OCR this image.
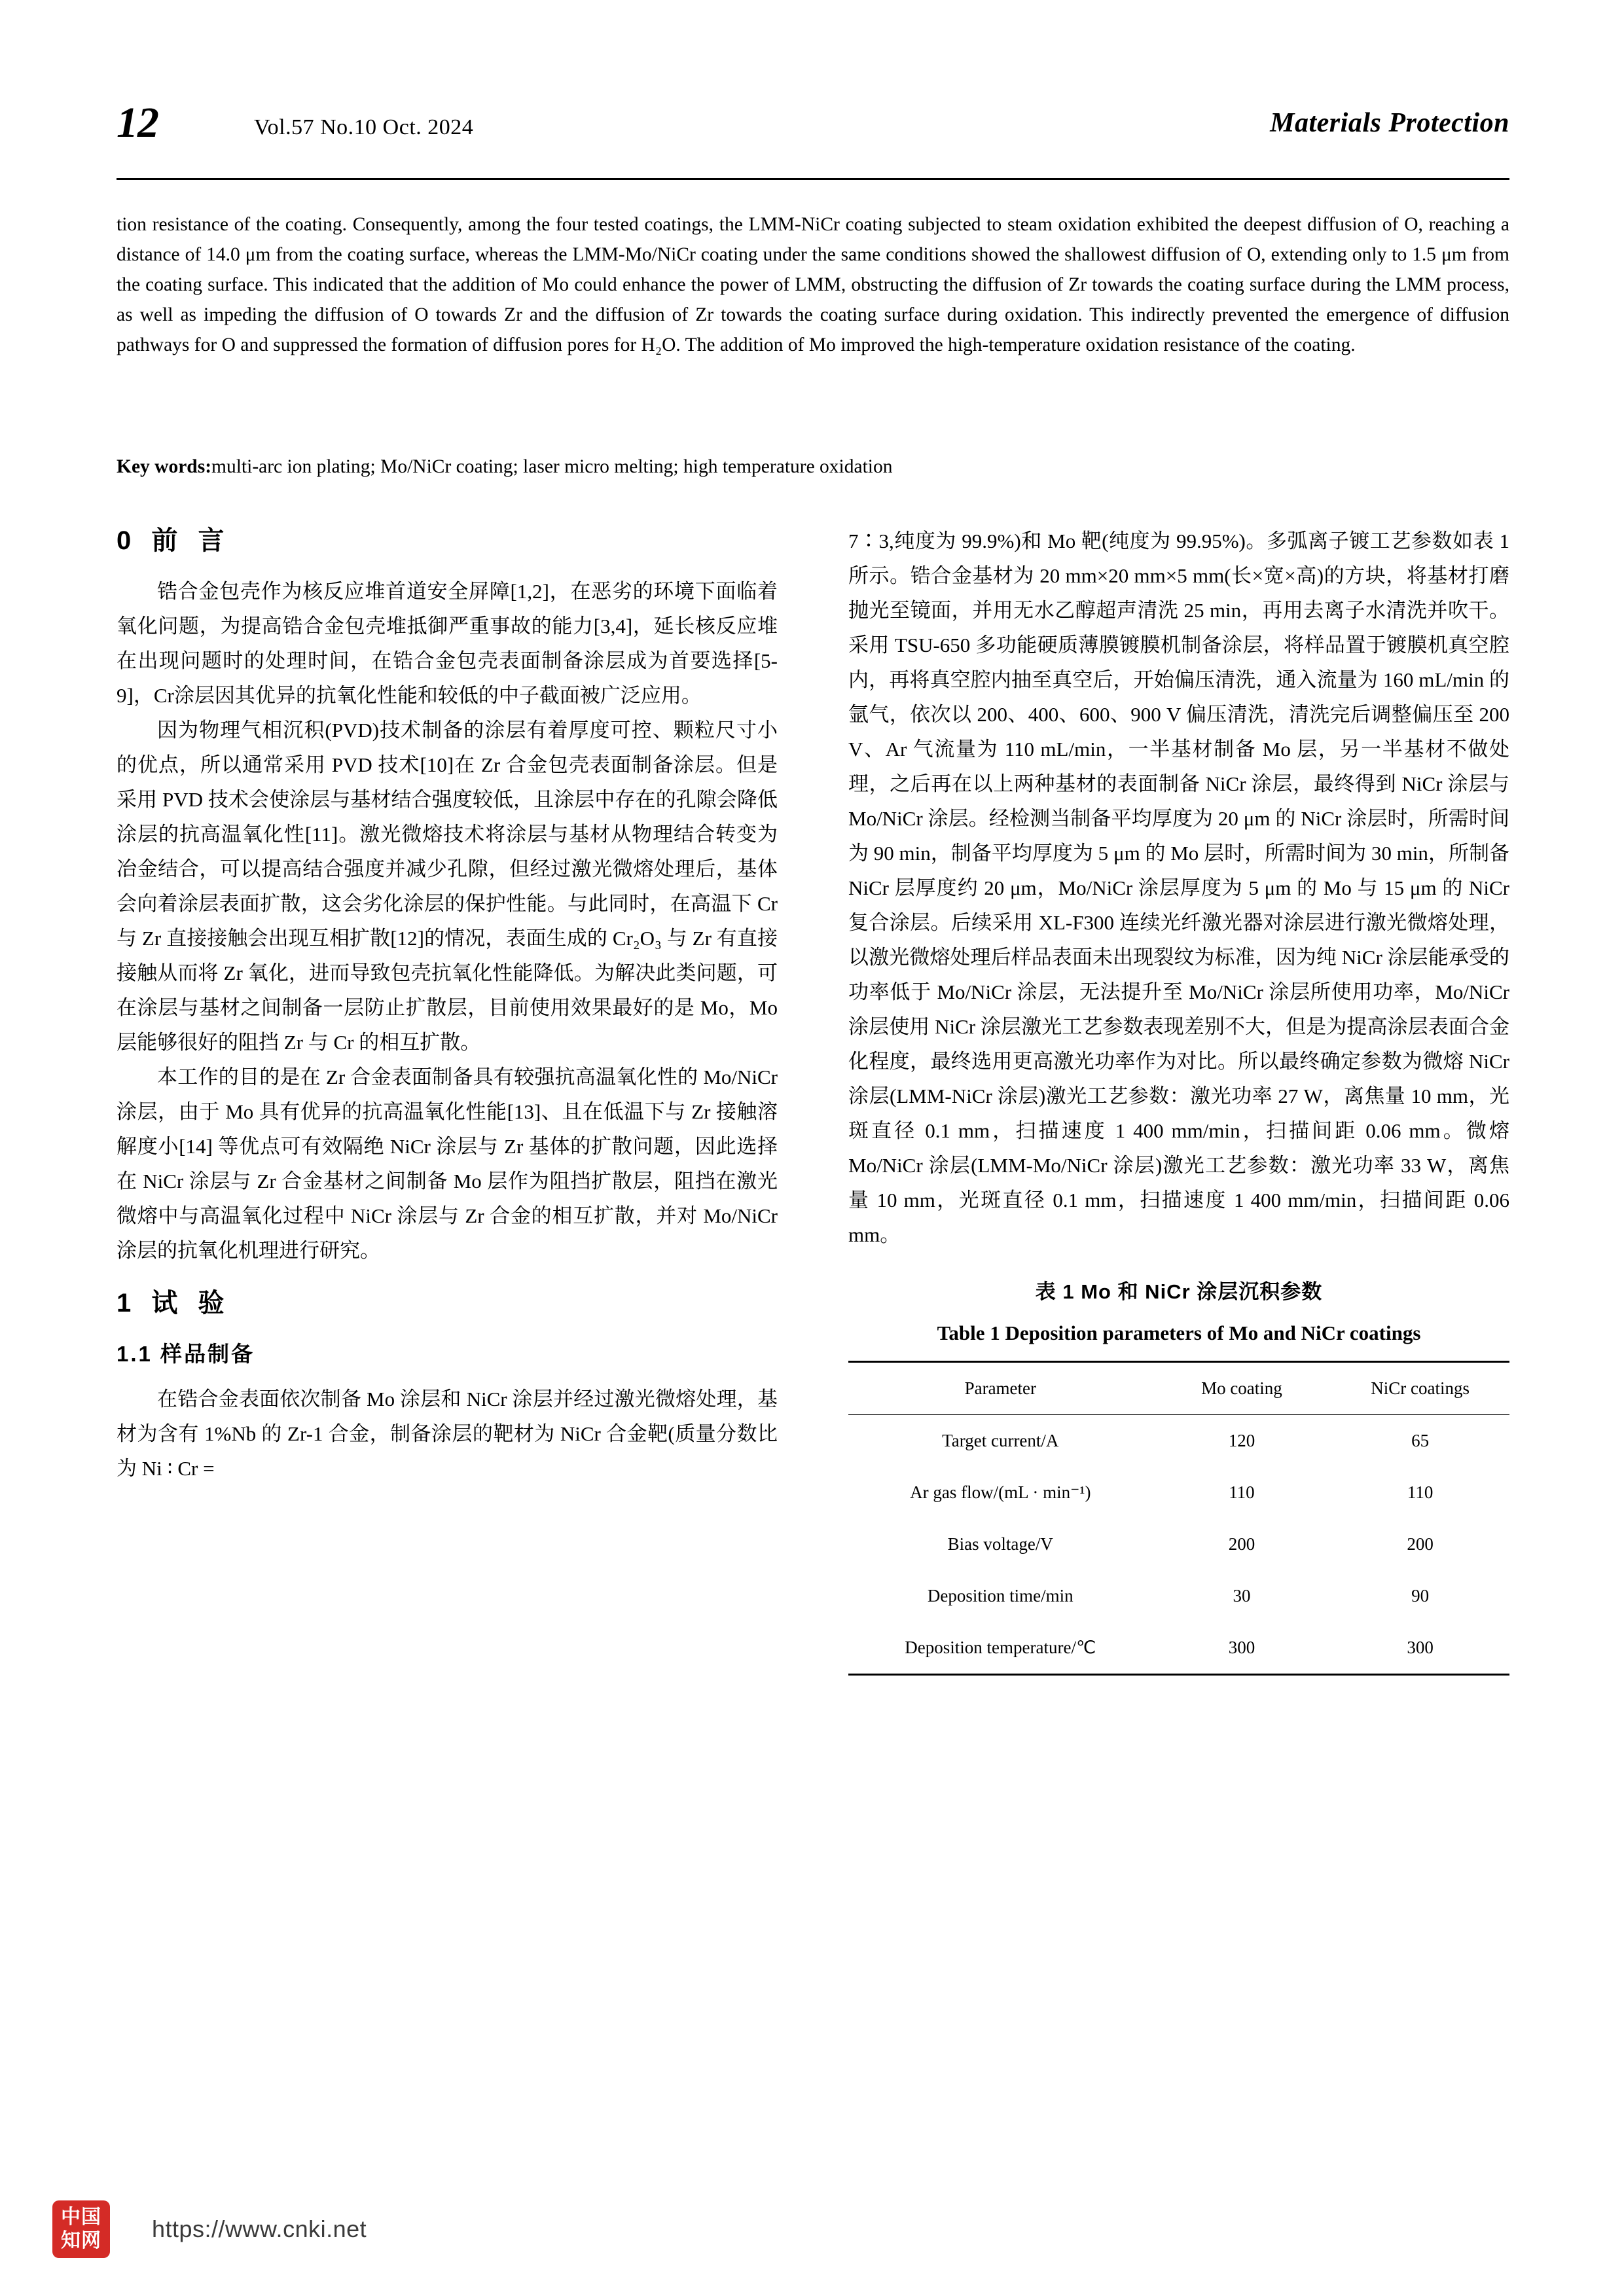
12	Vol.57 No.10 Oct. 2024	Materials Protection

tion resistance of the coating. Consequently, among the four tested coatings, the LMM-NiCr coating subjected to steam oxidation exhibited the deepest diffusion of O, reaching a distance of 14.0 μm from the coating surface, whereas the LMM-Mo/NiCr coating under the same conditions showed the shallowest diffusion of O, extending only to 1.5 μm from the coating surface. This indicated that the addition of Mo could enhance the power of LMM, obstructing the diffusion of Zr towards the coating surface during the LMM process, as well as impeding the diffusion of O towards Zr and the diffusion of Zr towards the coating surface during oxidation. This indirectly prevented the emergence of diffusion pathways for O and suppressed the formation of diffusion pores for H₂O. The addition of Mo improved the high-temperature oxidation resistance of the coating.

Key words:multi-arc ion plating; Mo/NiCr coating; laser micro melting; high temperature oxidation
0 前 言

锆合金包壳作为核反应堆首道安全屏障[1,2]，在恶劣的环境下面临着氧化问题，为提高锆合金包壳堆抵御严重事故的能力[3,4]，延长核反应堆在出现问题时的处理时间，在锆合金包壳表面制备涂层成为首要选择[5-9]，Cr涂层因其优异的抗氧化性能和较低的中子截面被广泛应用。

因为物理气相沉积(PVD)技术制备的涂层有着厚度可控、颗粒尺寸小的优点，所以通常采用 PVD 技术[10]在 Zr 合金包壳表面制备涂层。但是采用 PVD 技术会使涂层与基材结合强度较低，且涂层中存在的孔隙会降低涂层的抗高温氧化性[11]。激光微熔技术将涂层与基材从物理结合转变为冶金结合，可以提高结合强度并减少孔隙，但经过激光微熔处理后，基体会向着涂层表面扩散，这会劣化涂层的保护性能。与此同时，在高温下 Cr 与 Zr 直接接触会出现互相扩散[12]的情况，表面生成的 Cr₂O₃ 与 Zr 有直接接触从而将 Zr 氧化，进而导致包壳抗氧化性能降低。为解决此类问题，可在涂层与基材之间制备一层防止扩散层，目前使用效果最好的是 Mo，Mo 层能够很好的阻挡 Zr 与 Cr 的相互扩散。

本工作的目的是在 Zr 合金表面制备具有较强抗高温氧化性的 Mo/NiCr 涂层，由于 Mo 具有优异的抗高温氧化性能[13]、且在低温下与 Zr 接触溶解度小[14] 等优点可有效隔绝 NiCr 涂层与 Zr 基体的扩散问题，因此选择在 NiCr 涂层与 Zr 合金基材之间制备 Mo 层作为阻挡扩散层，阻挡在激光微熔中与高温氧化过程中 NiCr 涂层与 Zr 合金的相互扩散，并对 Mo/NiCr 涂层的抗氧化机理进行研究。

1 试 验
1.1 样品制备

在锆合金表面依次制备 Mo 涂层和 NiCr 涂层并经过激光微熔处理，基材为含有 1%Nb 的 Zr-1 合金，制备涂层的靶材为 NiCr 合金靶(质量分数比为 Ni ∶ Cr =

7∶3,纯度为 99.9%)和 Mo 靶(纯度为 99.95%)。多弧离子镀工艺参数如表 1 所示。锆合金基材为 20 mm×20 mm×5 mm(长×宽×高)的方块，将基材打磨抛光至镜面，并用无水乙醇超声清洗 25 min，再用去离子水清洗并吹干。采用 TSU-650 多功能硬质薄膜镀膜机制备涂层，将样品置于镀膜机真空腔内，再将真空腔内抽至真空后，开始偏压清洗，通入流量为 160 mL/min 的氩气，依次以 200、400、600、900 V 偏压清洗，清洗完后调整偏压至 200 V、Ar 气流量为 110 mL/min，一半基材制备 Mo 层，另一半基材不做处理，之后再在以上两种基材的表面制备 NiCr 涂层，最终得到 NiCr 涂层与 Mo/NiCr 涂层。经检测当制备平均厚度为 20 μm 的 NiCr 涂层时，所需时间为 90 min，制备平均厚度为 5 μm 的 Mo 层时，所需时间为 30 min，所制备 NiCr 层厚度约 20 μm，Mo/NiCr 涂层厚度为 5 μm 的 Mo 与 15 μm 的 NiCr 复合涂层。后续采用 XL-F300 连续光纤激光器对涂层进行激光微熔处理，以激光微熔处理后样品表面未出现裂纹为标准，因为纯 NiCr 涂层能承受的功率低于 Mo/NiCr 涂层，无法提升至 Mo/NiCr 涂层所使用功率，Mo/NiCr 涂层使用 NiCr 涂层激光工艺参数表现差别不大，但是为提高涂层表面合金化程度，最终选用更高激光功率作为对比。所以最终确定参数为微熔 NiCr 涂层(LMM-NiCr 涂层)激光工艺参数：激光功率 27 W，离焦量 10 mm，光斑直径 0.1 mm，扫描速度 1 400 mm/min，扫描间距 0.06 mm。微熔 Mo/NiCr 涂层(LMM-Mo/NiCr 涂层)激光工艺参数：激光功率 33 W，离焦量 10 mm，光斑直径 0.1 mm，扫描速度 1 400 mm/min，扫描间距 0.06 mm。

表 1 Mo 和 NiCr 涂层沉积参数
Table 1 Deposition parameters of Mo and NiCr coatings
Parameter	Mo coating	NiCr coatings
Target current/A	120	65
Ar gas flow/(mL · min⁻¹)	110	110
Bias voltage/V	200	200
Deposition time/min	30	90
Deposition temperature/℃	300	300
中国
知网 https://www.cnki.net
